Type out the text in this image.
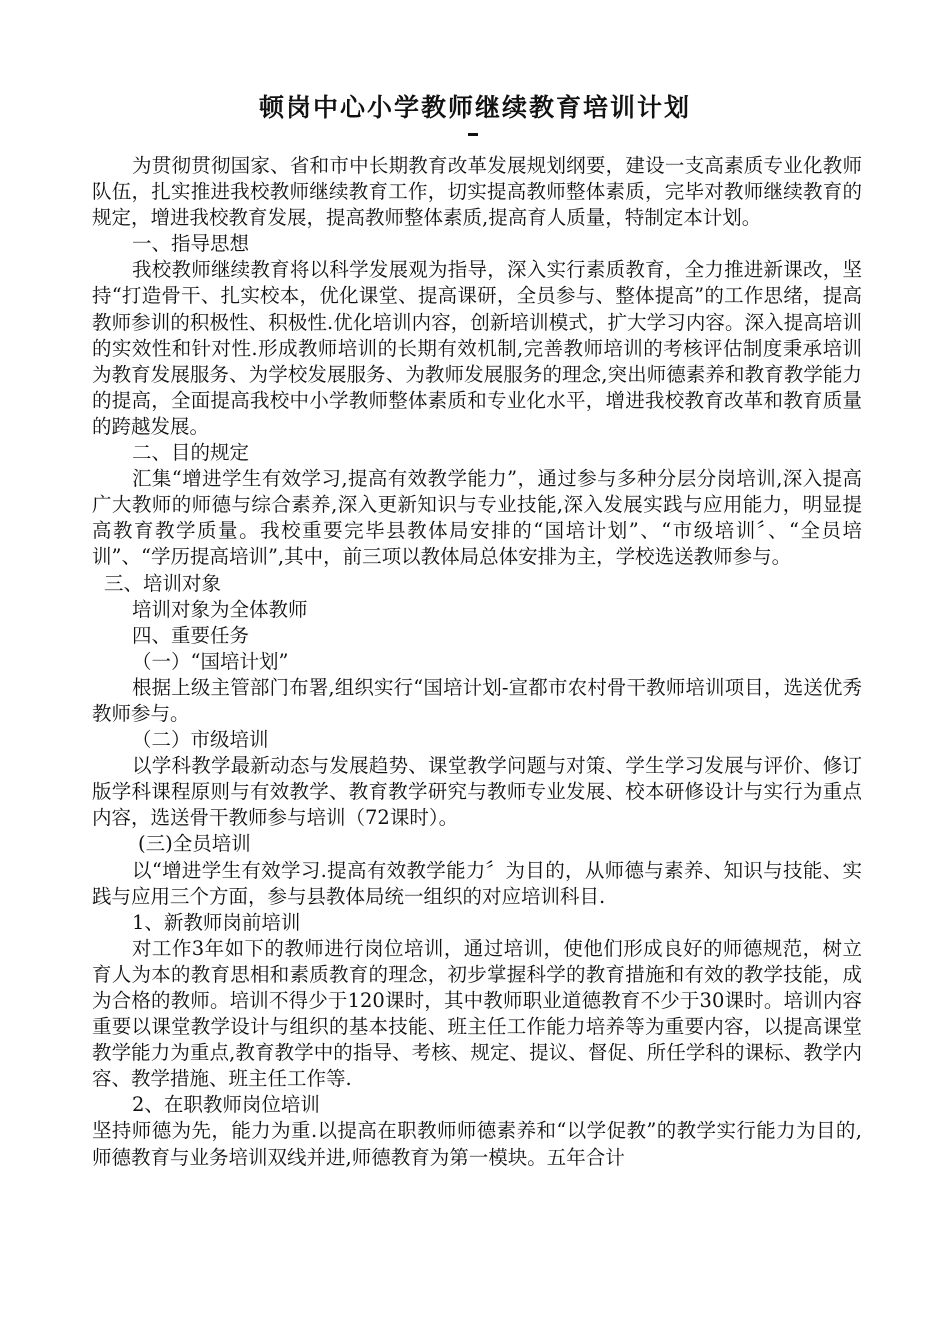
顿岗中心小学教师继续教育培训计划

为贯彻贯彻国家、省和市中长期教育改革发展规划纲要，建设一支高素质专业化教师队伍，扎实推进我校教师继续教育工作，切实提高教师整体素质，完毕对教师继续教育的规定，增进我校教育发展，提高教师整体素质,提高育人质量，特制定本计划。

一、指导思想

我校教师继续教育将以科学发展观为指导，深入实行素质教育，全力推进新课改，坚持“打造骨干、扎实校本，优化课堂、提高课研，全员参与、整体提高”的工作思绪，提高教师参训的积极性、积极性.优化培训内容，创新培训模式，扩大学习内容。深入提高培训的实效性和针对性.形成教师培训的长期有效机制,完善教师培训的考核评估制度秉承培训为教育发展服务、为学校发展服务、为教师发展服务的理念,突出师德素养和教育教学能力的提高，全面提高我校中小学教师整体素质和专业化水平，增进我校教育改革和教育质量的跨越发展。

二、目的规定

汇集“增进学生有效学习,提高有效教学能力”，通过参与多种分层分岗培训,深入提高广大教师的师德与综合素养,深入更新知识与专业技能,深入发展实践与应用能力，明显提高教育教学质量。我校重要完毕县教体局安排的“国培计划”、“市级培训〞、“全员培训”、“学历提高培训”,其中，前三项以教体局总体安排为主，学校选送教师参与。

三、培训对象

培训对象为全体教师

四、重要任务

（一）“国培计划”

根据上级主管部门布署,组织实行“国培计划-宣都市农村骨干教师培训项目，选送优秀教师参与。

（二）市级培训

以学科教学最新动态与发展趋势、课堂教学问题与对策、学生学习发展与评价、修订版学科课程原则与有效教学、教育教学研究与教师专业发展、校本研修设计与实行为重点内容，选送骨干教师参与培训（72课时）。

(三)全员培训

以“增进学生有效学习.提高有效教学能力〞为目的，从师德与素养、知识与技能、实践与应用三个方面，参与县教体局统一组织的对应培训科目.

1、新教师岗前培训

对工作3年如下的教师进行岗位培训，通过培训，使他们形成良好的师德规范，树立育人为本的教育思相和素质教育的理念，初步掌握科学的教育措施和有效的教学技能，成为合格的教师。培训不得少于120课时，其中教师职业道德教育不少于30课时。培训内容重要以课堂教学设计与组织的基本技能、班主任工作能力培养等为重要内容，以提高课堂教学能力为重点,教育教学中的指导、考核、规定、提议、督促、所任学科的课标、教学内容、教学措施、班主任工作等.

2、在职教师岗位培训

坚持师德为先，能力为重.以提高在职教师师德素养和“以学促教”的教学实行能力为目的,师德教育与业务培训双线并进,师德教育为第一模块。五年合计
